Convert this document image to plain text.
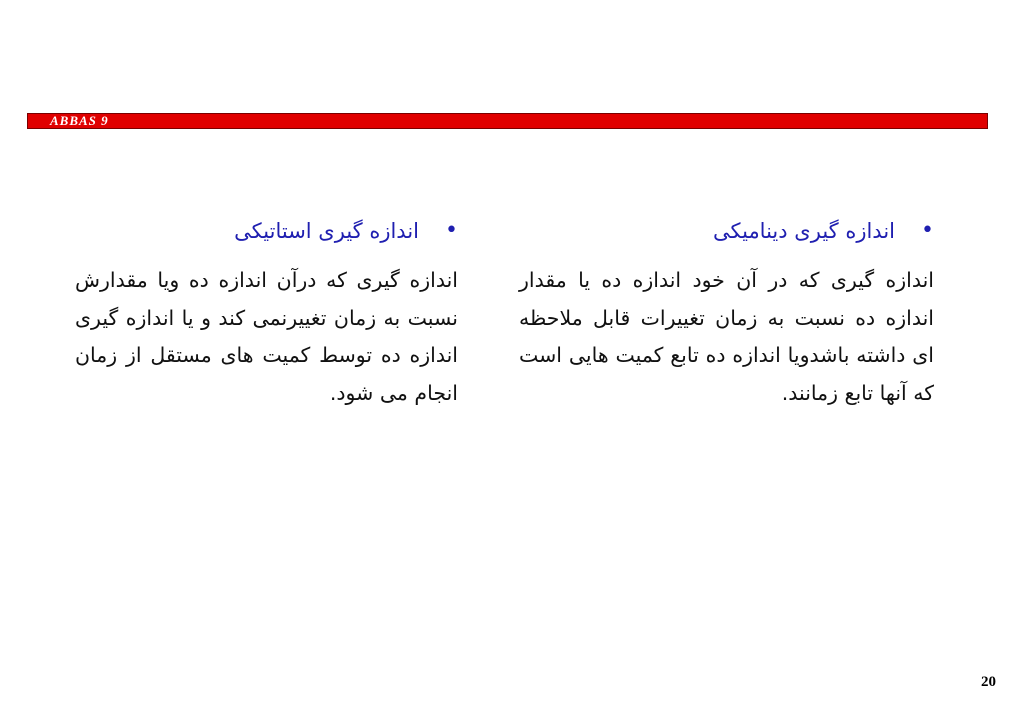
ABBAS 9
•
اندازه گیری دینامیکی
اندازه گیری که در آن خود اندازه ده یا مقدار اندازه ده نسبت به زمان تغییرات قابل ملاحظه ای داشته باشدویا اندازه ده تابع کمیت هایی است که آنها تابع زمانند.
•
اندازه گیری استاتیکی
اندازه گیری که درآن اندازه ده ویا مقدارش نسبت به زمان تغییرنمی کند و یا اندازه گیری اندازه ده توسط کمیت های مستقل از زمان انجام می شود.
20
